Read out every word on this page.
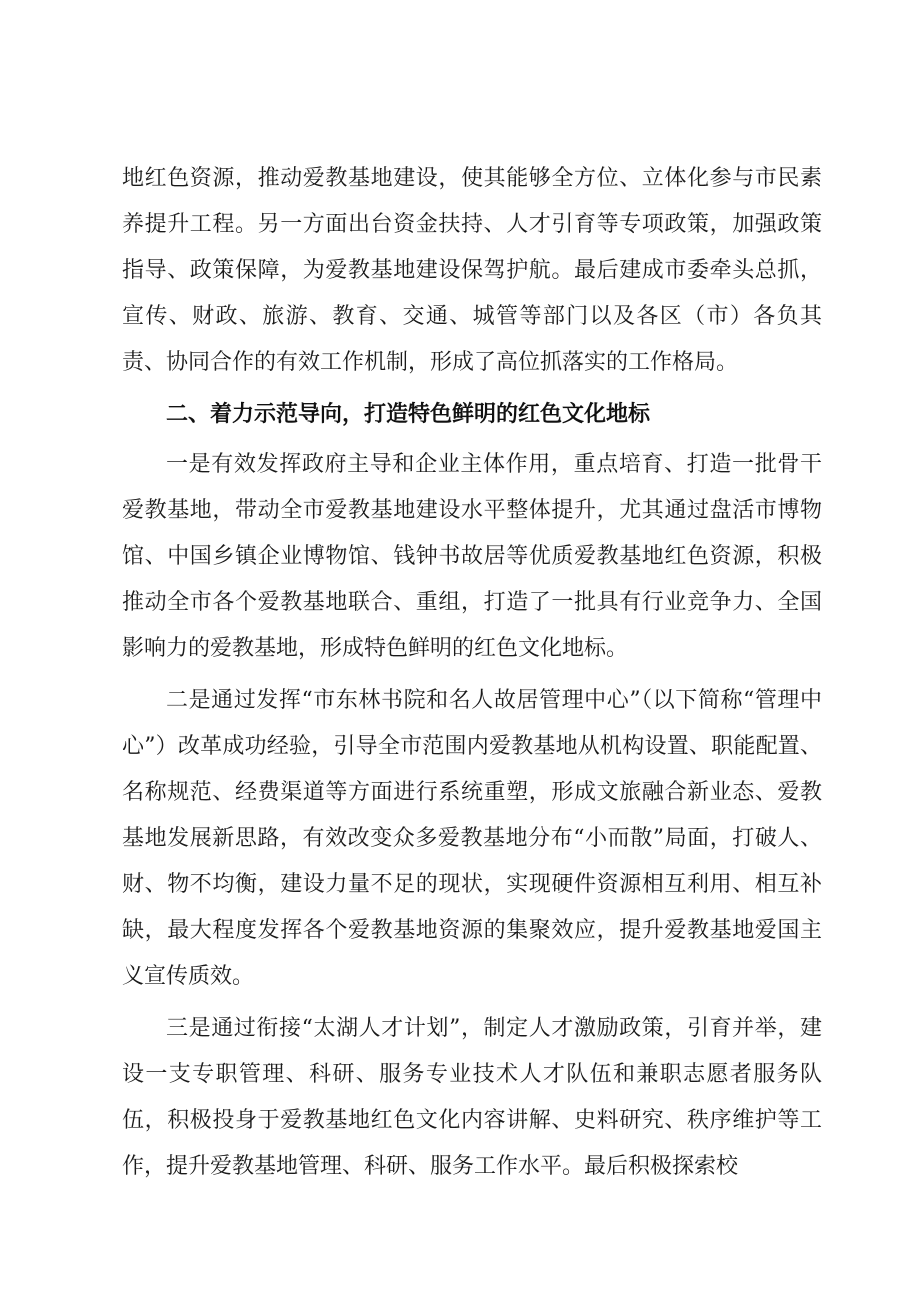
地红色资源，推动爱教基地建设，使其能够全方位、立体化参与市民素养提升工程。另一方面出台资金扶持、人才引育等专项政策，加强政策指导、政策保障，为爱教基地建设保驾护航。最后建成市委牵头总抓，宣传、财政、旅游、教育、交通、城管等部门以及各区（市）各负其责、协同合作的有效工作机制，形成了高位抓落实的工作格局。

二、着力示范导向，打造特色鲜明的红色文化地标

一是有效发挥政府主导和企业主体作用，重点培育、打造一批骨干爱教基地，带动全市爱教基地建设水平整体提升，尤其通过盘活市博物馆、中国乡镇企业博物馆、钱钟书故居等优质爱教基地红色资源，积极推动全市各个爱教基地联合、重组，打造了一批具有行业竞争力、全国影响力的爱教基地，形成特色鲜明的红色文化地标。

二是通过发挥“市东林书院和名人故居管理中心”（以下简称“管理中心”）改革成功经验，引导全市范围内爱教基地从机构设置、职能配置、名称规范、经费渠道等方面进行系统重塑，形成文旅融合新业态、爱教基地发展新思路，有效改变众多爱教基地分布“小而散”局面，打破人、财、物不均衡，建设力量不足的现状，实现硬件资源相互利用、相互补缺，最大程度发挥各个爱教基地资源的集聚效应，提升爱教基地爱国主义宣传质效。

三是通过衔接“太湖人才计划”，制定人才激励政策，引育并举，建设一支专职管理、科研、服务专业技术人才队伍和兼职志愿者服务队伍，积极投身于爱教基地红色文化内容讲解、史料研究、秩序维护等工作，提升爱教基地管理、科研、服务工作水平。最后积极探索校
